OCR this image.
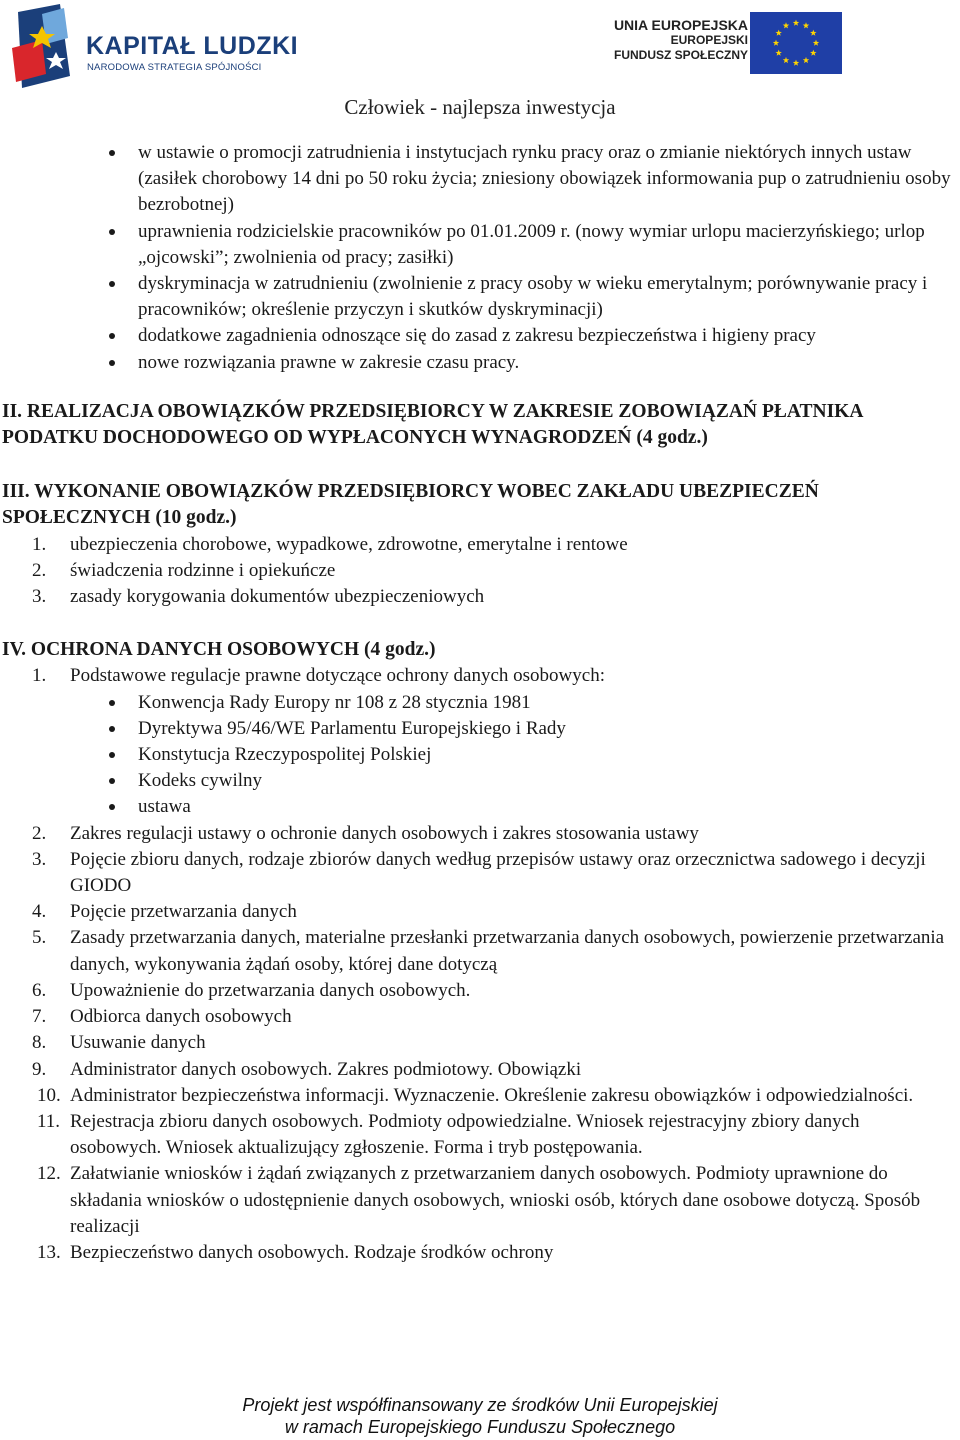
KAPITAŁ LUDZKI
NARODOWA STRATEGIA SPÓJNOŚCI
UNIA EUROPEJSKA
EUROPEJSKI
FUNDUSZ SPOŁECZNY
Człowiek - najlepsza inwestycja
w ustawie o promocji zatrudnienia i instytucjach rynku pracy oraz o zmianie niektórych innych ustaw (zasiłek chorobowy 14 dni po 50 roku życia; zniesiony obowiązek informowania pup o zatrudnieniu osoby bezrobotnej)
uprawnienia rodzicielskie pracowników po 01.01.2009 r. (nowy wymiar urlopu macierzyńskiego; urlop „ojcowski”; zwolnienia od pracy; zasiłki)
dyskryminacja w zatrudnieniu (zwolnienie z pracy osoby w wieku emerytalnym; porównywanie pracy i pracowników; określenie przyczyn i skutków dyskryminacji)
dodatkowe zagadnienia odnoszące się do zasad z zakresu bezpieczeństwa i higieny pracy
nowe rozwiązania prawne w zakresie czasu pracy.

II. REALIZACJA OBOWIĄZKÓW PRZEDSIĘBIORCY W ZAKRESIE ZOBOWIĄZAŃ PŁATNIKA PODATKU DOCHODOWEGO OD WYPŁACONYCH WYNAGRODZEŃ (4 godz.)

III. WYKONANIE OBOWIĄZKÓW PRZEDSIĘBIORCY WOBEC ZAKŁADU UBEZPIECZEŃ SPOŁECZNYCH (10 godz.)

1. ubezpieczenia chorobowe, wypadkowe, zdrowotne, emerytalne i rentowe
2. świadczenia rodzinne i opiekuńcze
3. zasady korygowania dokumentów ubezpieczeniowych

IV. OCHRONA DANYCH OSOBOWYCH (4 godz.)

1. Podstawowe regulacje prawne dotyczące ochrony danych osobowych:
Konwencja Rady Europy nr 108 z 28 stycznia 1981
Dyrektywa 95/46/WE Parlamentu Europejskiego i Rady
Konstytucja Rzeczypospolitej Polskiej
Kodeks cywilny
ustawa
2. Zakres regulacji ustawy o ochronie danych osobowych i zakres stosowania ustawy
3. Pojęcie zbioru danych, rodzaje zbiorów danych według przepisów ustawy oraz orzecznictwa sadowego i decyzji GIODO
4. Pojęcie przetwarzania danych
5. Zasady przetwarzania danych, materialne przesłanki przetwarzania danych osobowych, powierzenie przetwarzania danych, wykonywania żądań osoby, której dane dotyczą
6. Upoważnienie do przetwarzania danych osobowych.
7. Odbiorca danych osobowych
8. Usuwanie danych
9. Administrator danych osobowych. Zakres podmiotowy. Obowiązki
10. Administrator bezpieczeństwa informacji. Wyznaczenie. Określenie zakresu obowiązków i odpowiedzialności.
11. Rejestracja zbioru danych osobowych. Podmioty odpowiedzialne. Wniosek rejestracyjny zbiory danych osobowych. Wniosek aktualizujący zgłoszenie. Forma i tryb postępowania.
12. Załatwianie wniosków i żądań związanych z przetwarzaniem danych osobowych. Podmioty uprawnione do składania wniosków o udostępnienie danych osobowych, wnioski osób, których dane osobowe dotyczą. Sposób realizacji
13. Bezpieczeństwo danych osobowych. Rodzaje środków ochrony
Projekt jest współfinansowany ze środków Unii Europejskiej
w ramach Europejskiego Funduszu Społecznego
